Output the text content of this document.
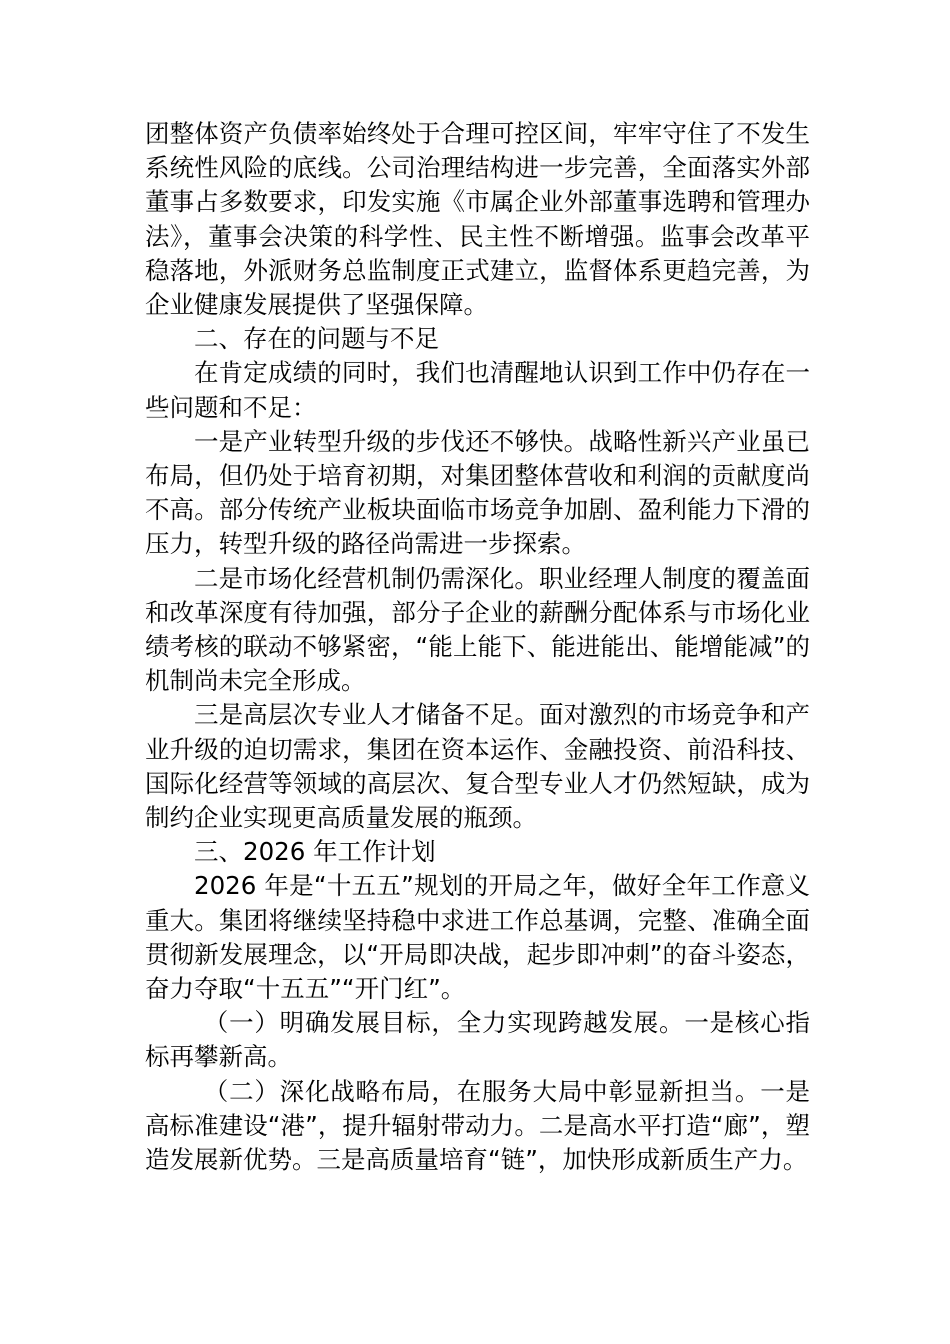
团整体资产负债率始终处于合理可控区间，牢牢守住了不发生系统性风险的底线。公司治理结构进一步完善，全面落实外部董事占多数要求，印发实施《市属企业外部董事选聘和管理办法》，董事会决策的科学性、民主性不断增强。监事会改革平稳落地，外派财务总监制度正式建立，监督体系更趋完善，为企业健康发展提供了坚强保障。

二、存在的问题与不足

在肯定成绩的同时，我们也清醒地认识到工作中仍存在一些问题和不足：

一是产业转型升级的步伐还不够快。战略性新兴产业虽已布局，但仍处于培育初期，对集团整体营收和利润的贡献度尚不高。部分传统产业板块面临市场竞争加剧、盈利能力下滑的压力，转型升级的路径尚需进一步探索。

二是市场化经营机制仍需深化。职业经理人制度的覆盖面和改革深度有待加强，部分子企业的薪酬分配体系与市场化业绩考核的联动不够紧密，“能上能下、能进能出、能增能减”的机制尚未完全形成。

三是高层次专业人才储备不足。面对激烈的市场竞争和产业升级的迫切需求，集团在资本运作、金融投资、前沿科技、国际化经营等领域的高层次、复合型专业人才仍然短缺，成为制约企业实现更高质量发展的瓶颈。

三、2026 年工作计划

2026 年是“十五五”规划的开局之年，做好全年工作意义重大。集团将继续坚持稳中求进工作总基调，完整、准确全面贯彻新发展理念，以“开局即决战，起步即冲刺”的奋斗姿态，奋力夺取“十五五”“开门红”。

（一）明确发展目标，全力实现跨越发展。一是核心指标再攀新高。

（二）深化战略布局，在服务大局中彰显新担当。一是高标准建设“港”，提升辐射带动力。二是高水平打造“廊”，塑造发展新优势。三是高质量培育“链”，加快形成新质生产力。
